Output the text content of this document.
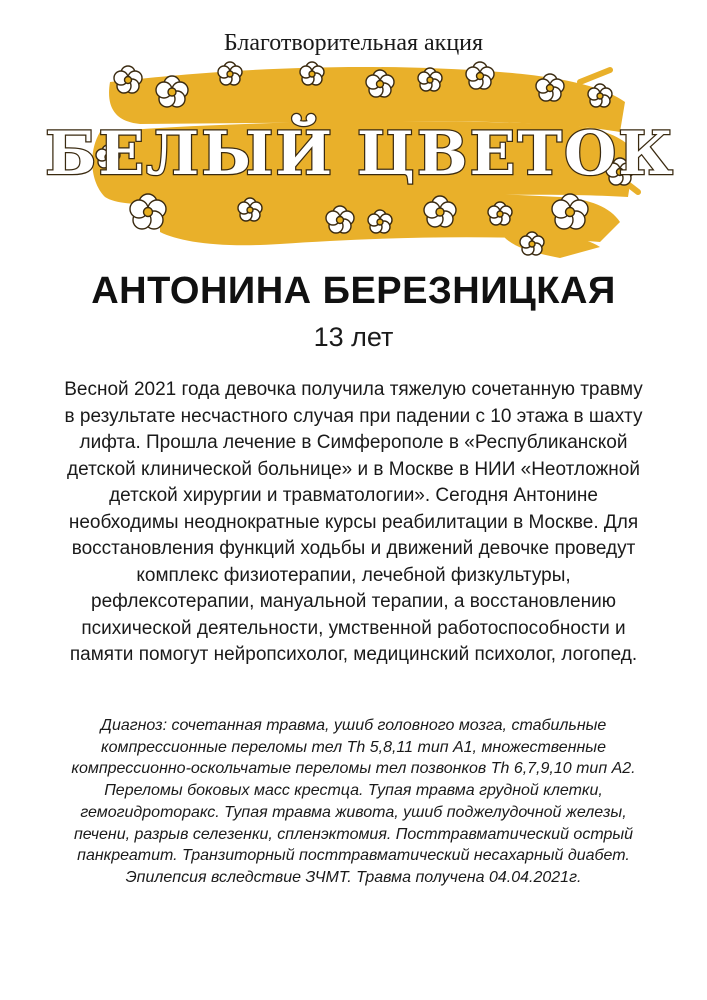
Благотворительная акция
БЕЛЫЙ ЦВЕТОК
АНТОНИНА БЕРЕЗНИЦКАЯ
13 лет
Весной 2021 года девочка получила тяжелую сочетанную травму в результате несчастного случая при падении с 10 этажа в шахту лифта. Прошла лечение в Симферополе в «Республиканской детской клинической больнице» и в Москве в НИИ «Неотложной детской хирургии и травматологии». Сегодня Антонине необходимы неоднократные курсы реабилитации в Москве. Для восстановления функций ходьбы и движений девочке проведут комплекс физиотерапии, лечебной физкультуры, рефлексотерапии, мануальной терапии, а восстановлению психической деятельности, умственной работоспособности и памяти помогут нейропсихолог, медицинский психолог, логопед.
Диагноз: сочетанная травма, ушиб головного мозга, стабильные компрессионные переломы тел Th 5,8,11 тип А1, множественные компрессионно-оскольчатые переломы тел позвонков Th 6,7,9,10 тип А2. Переломы боковых масс крестца. Тупая травма грудной клетки, гемогидроторакс. Тупая травма живота, ушиб поджелудочной железы, печени, разрыв селезенки, спленэктомия. Посттравматический острый панкреатит. Транзиторный посттравматический несахарный диабет. Эпилепсия вследствие ЗЧМТ. Травма получена 04.04.2021г.
